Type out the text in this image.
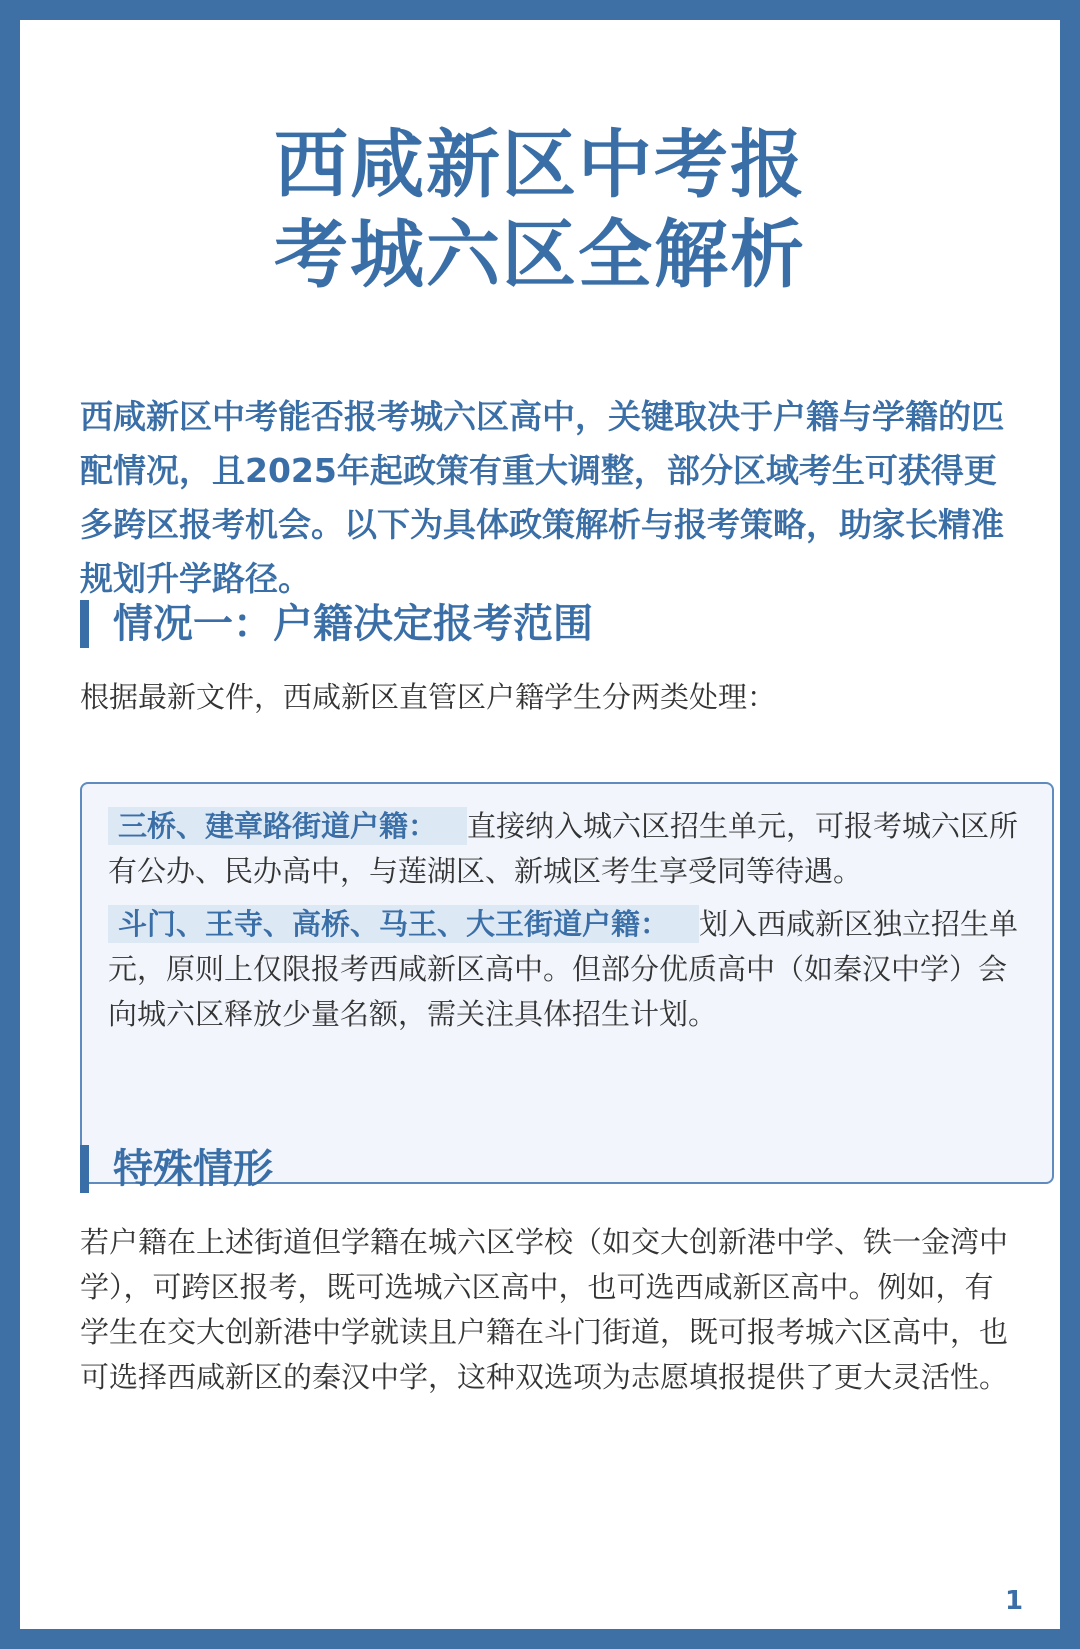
西咸新区中考报
考城六区全解析
西咸新区中考能否报考城六区高中，关键取决于户籍与学籍的匹配情况，且2025年起政策有重大调整，部分区域考生可获得更多跨区报考机会。以下为具体政策解析与报考策略，助家长精准规划升学路径。
情况一：户籍决定报考范围
根据最新文件，西咸新区直管区户籍学生分两类处理：

三桥、建章路街道户籍： 直接纳入城六区招生单元，可报考城六区所有公办、民办高中，与莲湖区、新城区考生享受同等待遇。

斗门、王寺、高桥、马王、大王街道户籍： 划入西咸新区独立招生单元，原则上仅限报考西咸新区高中。但部分优质高中（如秦汉中学）会向城六区释放少量名额，需关注具体招生计划。

特殊情形
若户籍在上述街道但学籍在城六区学校（如交大创新港中学、铁一金湾中学），可跨区报考，既可选城六区高中，也可选西咸新区高中。例如，有学生在交大创新港中学就读且户籍在斗门街道，既可报考城六区高中，也可选择西咸新区的秦汉中学，这种双选项为志愿填报提供了更大灵活性。
1
